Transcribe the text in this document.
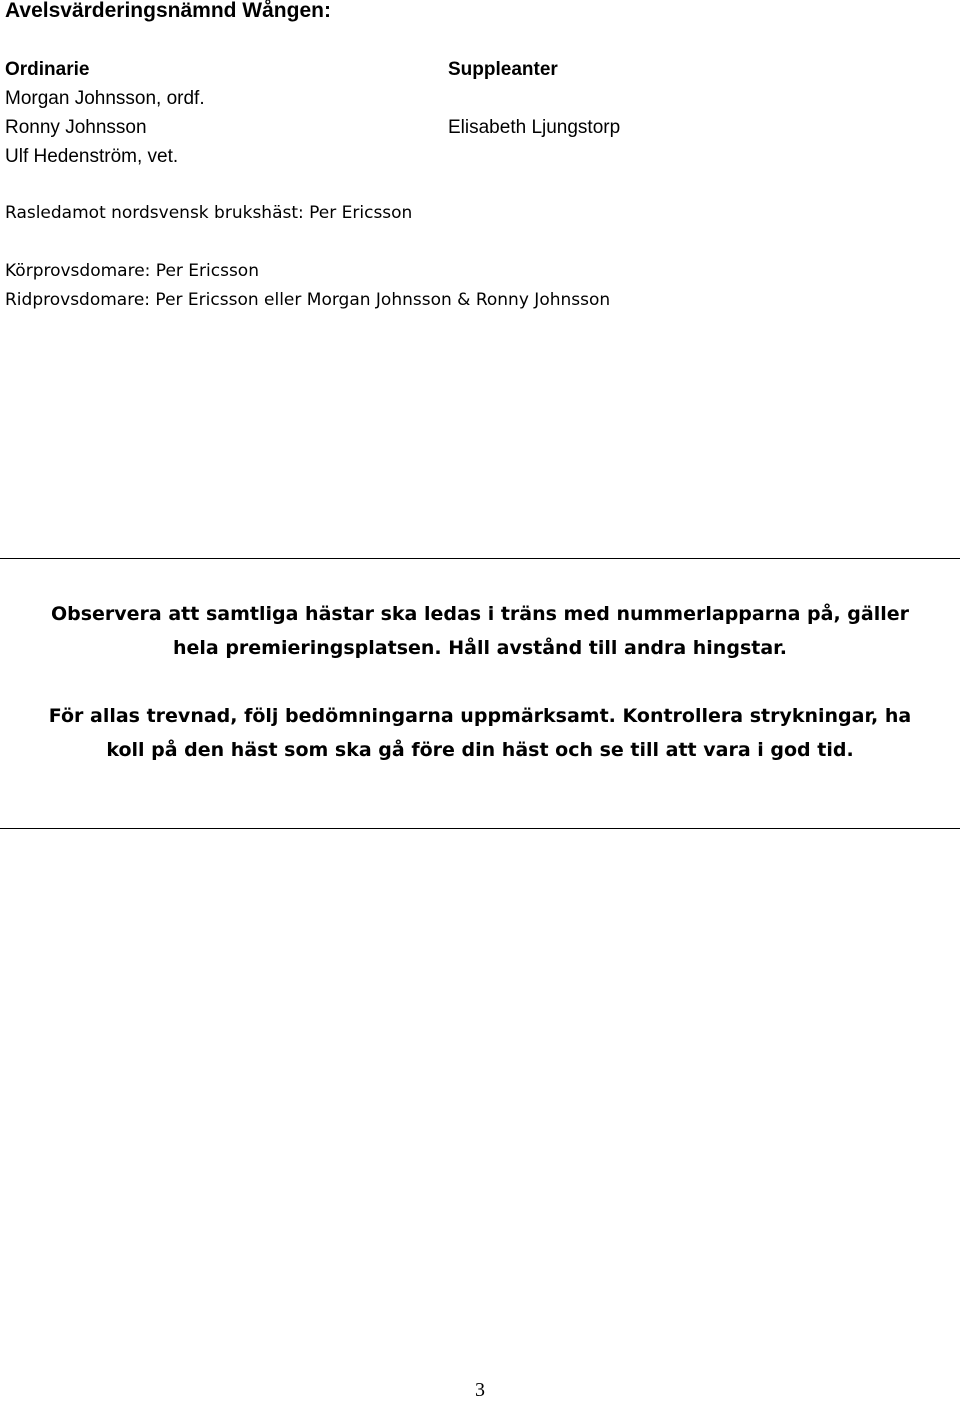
Avelsvärderingsnämnd Wången:
Ordinarie
Morgan Johnsson, ordf.
Ronny Johnsson
Ulf Hedenström, vet.
Suppleanter
Elisabeth Ljungstorp
Rasledamot nordsvensk brukshäst: Per Ericsson
Körprovsdomare: Per Ericsson
Ridprovsdomare: Per Ericsson eller Morgan Johnsson & Ronny Johnsson
Observera att samtliga hästar ska ledas i träns med nummerlapparna på, gäller
hela premieringsplatsen. Håll avstånd till andra hingstar.
För allas trevnad, följ bedömningarna uppmärksamt. Kontrollera strykningar, ha
koll på den häst som ska gå före din häst och se till att vara i god tid.
3
